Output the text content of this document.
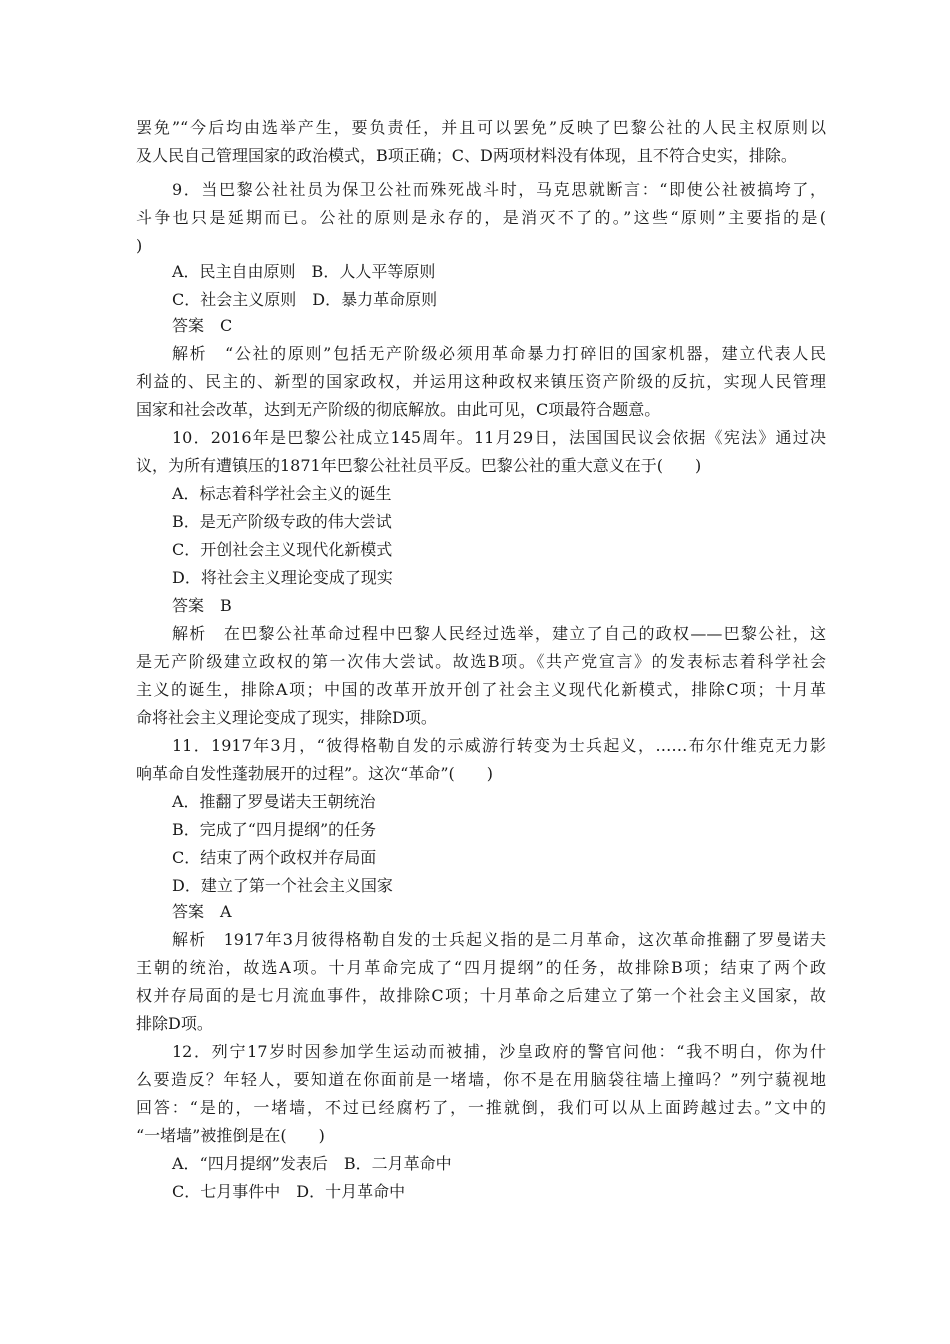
罢免”“今后均由选举产生，要负责任，并且可以罢免”反映了巴黎公社的人民主权原则以
及人民自己管理国家的政治模式，B项正确；C、D两项材料没有体现，且不符合史实，排除。
9．当巴黎公社社员为保卫公社而殊死战斗时，马克思就断言：“即使公社被搞垮了，
斗争也只是延期而已。公社的原则是永存的，是消灭不了的。”这些“原则”主要指的是(
)
A．民主自由原则　B．人人平等原则
C．社会主义原则　D．暴力革命原则
答案　C
解析　“公社的原则”包括无产阶级必须用革命暴力打碎旧的国家机器，建立代表人民
利益的、民主的、新型的国家政权，并运用这种政权来镇压资产阶级的反抗，实现人民管理
国家和社会改革，达到无产阶级的彻底解放。由此可见，C项最符合题意。
10．2016年是巴黎公社成立145周年。11月29日，法国国民议会依据《宪法》通过决
议，为所有遭镇压的1871年巴黎公社社员平反。巴黎公社的重大意义在于(　　)
A．标志着科学社会主义的诞生
B．是无产阶级专政的伟大尝试
C．开创社会主义现代化新模式
D．将社会主义理论变成了现实
答案　B
解析　在巴黎公社革命过程中巴黎人民经过选举，建立了自己的政权——巴黎公社，这
是无产阶级建立政权的第一次伟大尝试。故选B项。《共产党宣言》的发表标志着科学社会
主义的诞生，排除A项；中国的改革开放开创了社会主义现代化新模式，排除C项；十月革
命将社会主义理论变成了现实，排除D项。
11．1917年3月，“彼得格勒自发的示威游行转变为士兵起义，……布尔什维克无力影
响革命自发性蓬勃展开的过程”。这次“革命”(　　)
A．推翻了罗曼诺夫王朝统治
B．完成了“四月提纲”的任务
C．结束了两个政权并存局面
D．建立了第一个社会主义国家
答案　A
解析　1917年3月彼得格勒自发的士兵起义指的是二月革命，这次革命推翻了罗曼诺夫
王朝的统治，故选A项。十月革命完成了“四月提纲”的任务，故排除B项；结束了两个政
权并存局面的是七月流血事件，故排除C项；十月革命之后建立了第一个社会主义国家，故
排除D项。
12．列宁17岁时因参加学生运动而被捕，沙皇政府的警官问他：“我不明白，你为什
么要造反？年轻人，要知道在你面前是一堵墙，你不是在用脑袋往墙上撞吗？”列宁藐视地
回答：“是的，一堵墙，不过已经腐朽了，一推就倒，我们可以从上面跨越过去。”文中的
“一堵墙”被推倒是在(　　)
A．“四月提纲”发表后　B．二月革命中
C．七月事件中　D．十月革命中
